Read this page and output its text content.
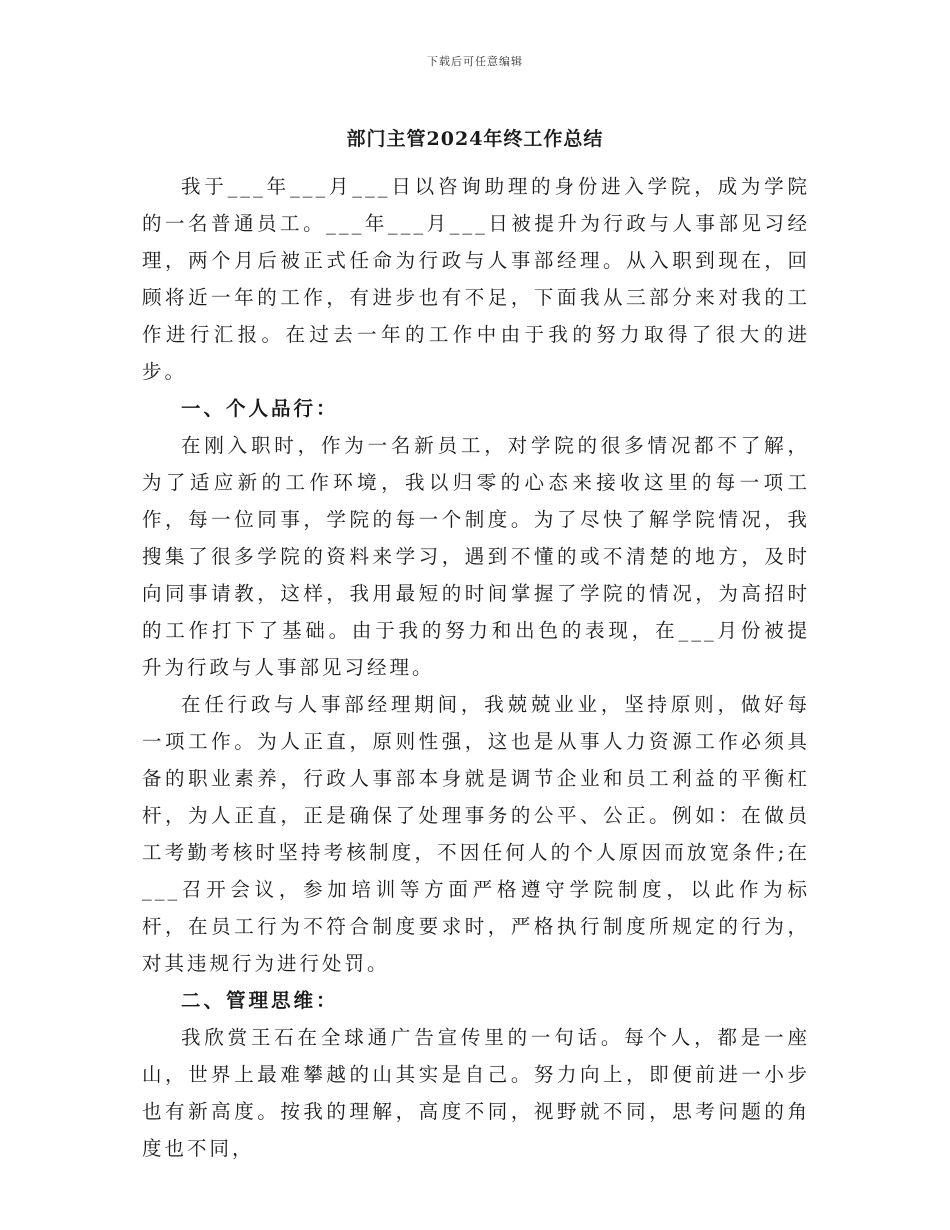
下载后可任意编辑
部门主管2024年终工作总结

我于___年___月___日以咨询助理的身份进入学院，成为学院的一名普通员工。___年___月___日被提升为行政与人事部见习经理，两个月后被正式任命为行政与人事部经理。从入职到现在，回顾将近一年的工作，有进步也有不足，下面我从三部分来对我的工作进行汇报。在过去一年的工作中由于我的努力取得了很大的进步。

一、个人品行：

在刚入职时，作为一名新员工，对学院的很多情况都不了解，为了适应新的工作环境，我以归零的心态来接收这里的每一项工作，每一位同事，学院的每一个制度。为了尽快了解学院情况，我搜集了很多学院的资料来学习，遇到不懂的或不清楚的地方，及时向同事请教，这样，我用最短的时间掌握了学院的情况，为高招时的工作打下了基础。由于我的努力和出色的表现，在___月份被提升为行政与人事部见习经理。

在任行政与人事部经理期间，我兢兢业业，坚持原则，做好每一项工作。为人正直，原则性强，这也是从事人力资源工作必须具备的职业素养，行政人事部本身就是调节企业和员工利益的平衡杠杆，为人正直，正是确保了处理事务的公平、公正。例如：在做员工考勤考核时坚持考核制度，不因任何人的个人原因而放宽条件;在___召开会议，参加培训等方面严格遵守学院制度，以此作为标杆，在员工行为不符合制度要求时，严格执行制度所规定的行为，对其违规行为进行处罚。

二、管理思维：

我欣赏王石在全球通广告宣传里的一句话。每个人，都是一座山，世界上最难攀越的山其实是自己。努力向上，即便前进一小步也有新高度。按我的理解，高度不同，视野就不同，思考问题的角度也不同，
